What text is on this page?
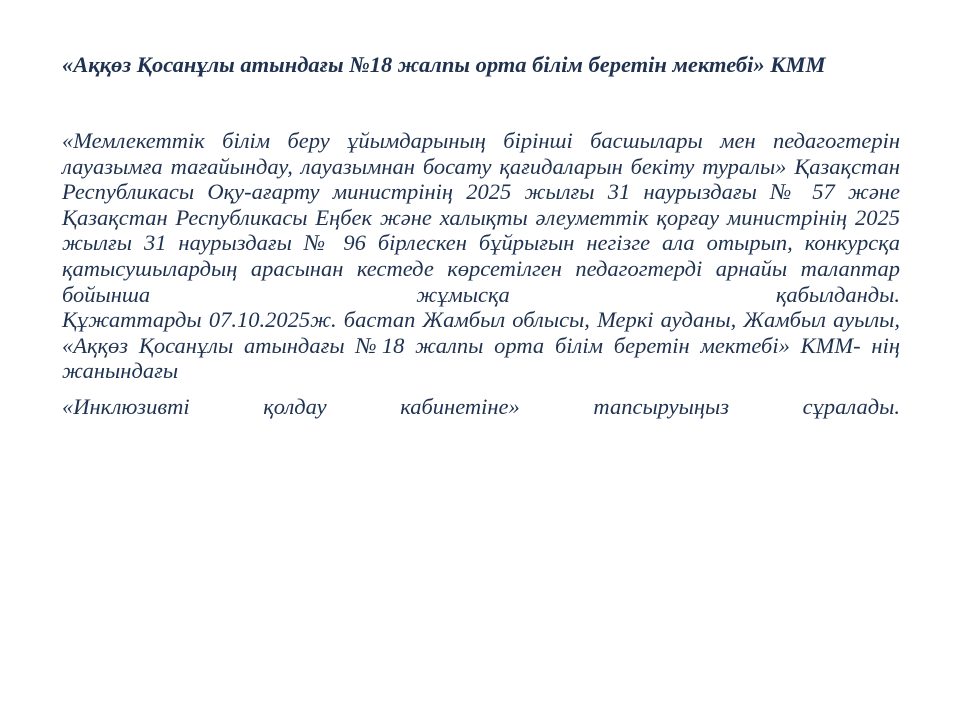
«Аққөз Қосанұлы атындағы №18 жалпы орта білім беретін мектебі» КММ

«Мемлекеттік білім беру ұйымдарының бірінші басшылары мен педагогтерін лауазымға тағайындау, лауазымнан босату қағидаларын бекіту туралы» Қазақстан Республикасы Оқу-ағарту министрінің 2025 жылғы 31 наурыздағы № 57 және Қазақстан Республикасы Еңбек және халықты әлеуметтік қорғау министрінің 2025 жылғы 31 наурыздағы № 96 бірлескен бұйрығын негізге ала отырып, конкурсқа қатысушылардың арасынан кестеде көрсетілген педагогтерді арнайы талаптар бойынша жұмысқа қабылданды.
Құжаттарды 07.10.2025ж. бастап Жамбыл облысы, Меркі ауданы, Жамбыл ауылы, «Аққөз Қосанұлы атындағы №18 жалпы орта білім беретін мектебі» КММ- нің жанындағы
«Инклюзивті қолдау кабинетіне» тапсыруыңыз сұралады.
